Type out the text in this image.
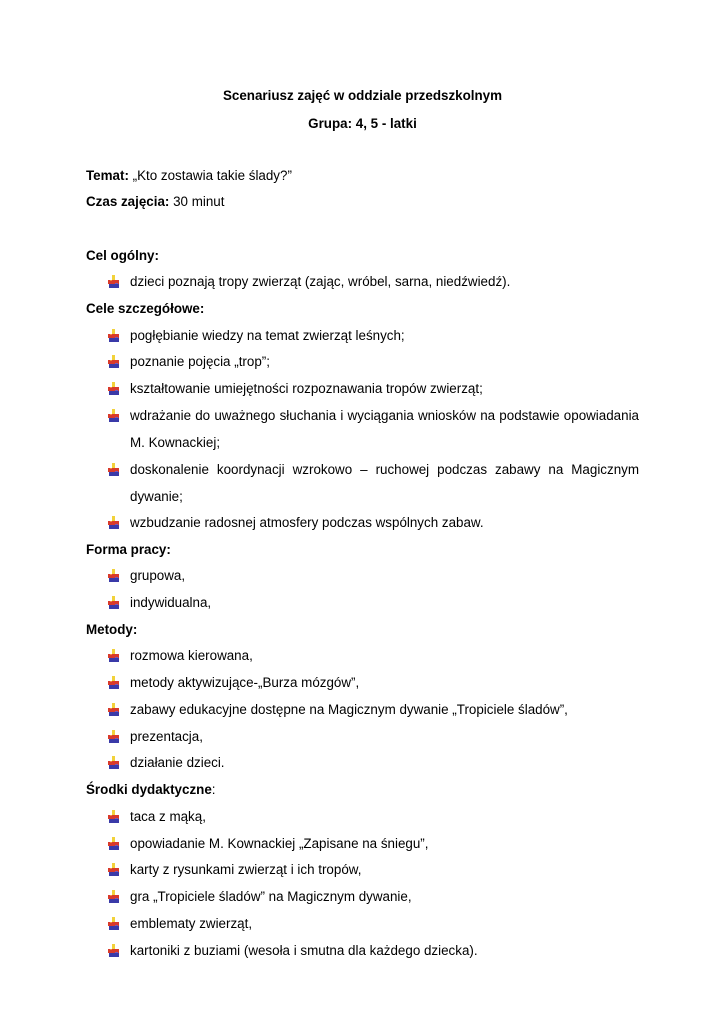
Scenariusz zajęć w oddziale przedszkolnym
Grupa: 4, 5 - latki
Temat: „Kto zostawia takie ślady?”
Czas zajęcia: 30 minut
Cel ogólny:
dzieci poznają tropy zwierząt (zając, wróbel, sarna, niedźwiedź).
Cele szczegółowe:
pogłębianie wiedzy na temat zwierząt leśnych;
poznanie pojęcia „trop”;
kształtowanie umiejętności rozpoznawania tropów zwierząt;
wdrażanie do uważnego słuchania i wyciągania wniosków na podstawie opowiadania
M. Kownackiej;
doskonalenie koordynacji wzrokowo – ruchowej podczas zabawy na Magicznym
dywanie;
wzbudzanie radosnej atmosfery podczas wspólnych zabaw.
Forma pracy:
grupowa,
indywidualna,
Metody:
rozmowa kierowana,
metody aktywizujące-„Burza mózgów”,
zabawy edukacyjne dostępne na Magicznym dywanie „Tropiciele śladów”,
prezentacja,
działanie dzieci.
Środki dydaktyczne:
taca z mąką,
opowiadanie M. Kownackiej „Zapisane na śniegu”,
karty z rysunkami zwierząt i ich tropów,
gra „Tropiciele śladów” na Magicznym dywanie,
emblematy zwierząt,
kartoniki z buziami (wesoła i smutna dla każdego dziecka).
